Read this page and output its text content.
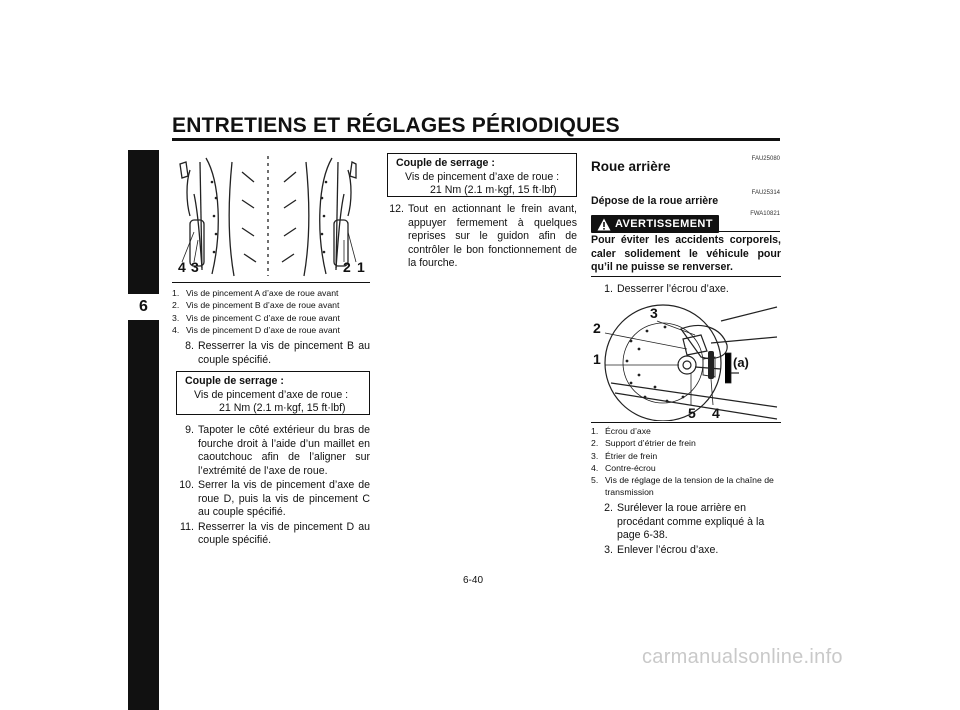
ENTRETIENS ET RÉGLAGES PÉRIODIQUES
6
4 3	2 1
1. Vis de pincement A d’axe de roue avant
2. Vis de pincement B d’axe de roue avant
3. Vis de pincement C d’axe de roue avant
4. Vis de pincement D d’axe de roue avant
8. Resserrer la vis de pincement B au couple spécifié.
Couple de serrage :
Vis de pincement d’axe de roue :
21 Nm (2.1 m·kgf, 15 ft·lbf)
9. Tapoter le côté extérieur du bras de fourche droit à l’aide d’un maillet en caoutchouc afin de l’aligner sur l’extrémité de l’axe de roue.
10. Serrer la vis de pincement d’axe de roue D, puis la vis de pincement C au couple spécifié.
11. Resserrer la vis de pincement D au couple spécifié.
Couple de serrage :
Vis de pincement d’axe de roue :
21 Nm (2.1 m·kgf, 15 ft·lbf)
12. Tout en actionnant le frein avant, appuyer fermement à quelques reprises sur le guidon afin de contrôler le bon fonctionnement de la fourche.
FAU25080
Roue arrière
FAU25314
Dépose de la roue arrière
FWA10821
AVERTISSEMENT
Pour éviter les accidents corporels, caler solidement le véhicule pour qu’il ne puisse se renverser.
1. Desserrer l’écrou d’axe.
1
2
3
4
5
(a)
1. Écrou d’axe
2. Support d’étrier de frein
3. Étrier de frein
4. Contre-écrou
5. Vis de réglage de la tension de la chaîne de transmission
2. Surélever la roue arrière en procédant comme expliqué à la page 6-38.
3. Enlever l’écrou d’axe.
6-40
carmanualsonline.info
